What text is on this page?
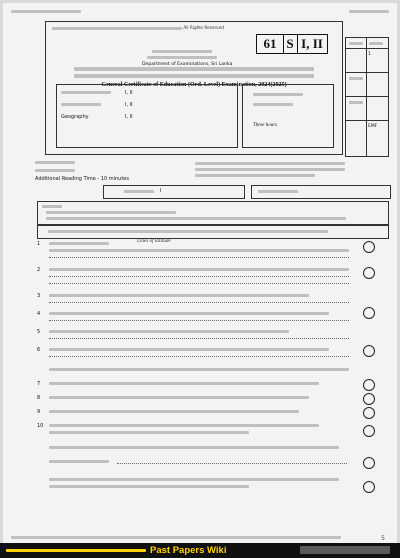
All Rights Reserved
61 S I, II
Department of Examinations, Sri Lanka
General Certificate of Education (Ord. Level) Examination, 2024(2025)
I, II
I, II
Geography	I, II
Three hours
1
EMF
Additional Reading Time - 10 minutes
I
1	Lines of latitude
2
3
4
5
6
7
8
9
10
5
Past Papers Wiki
